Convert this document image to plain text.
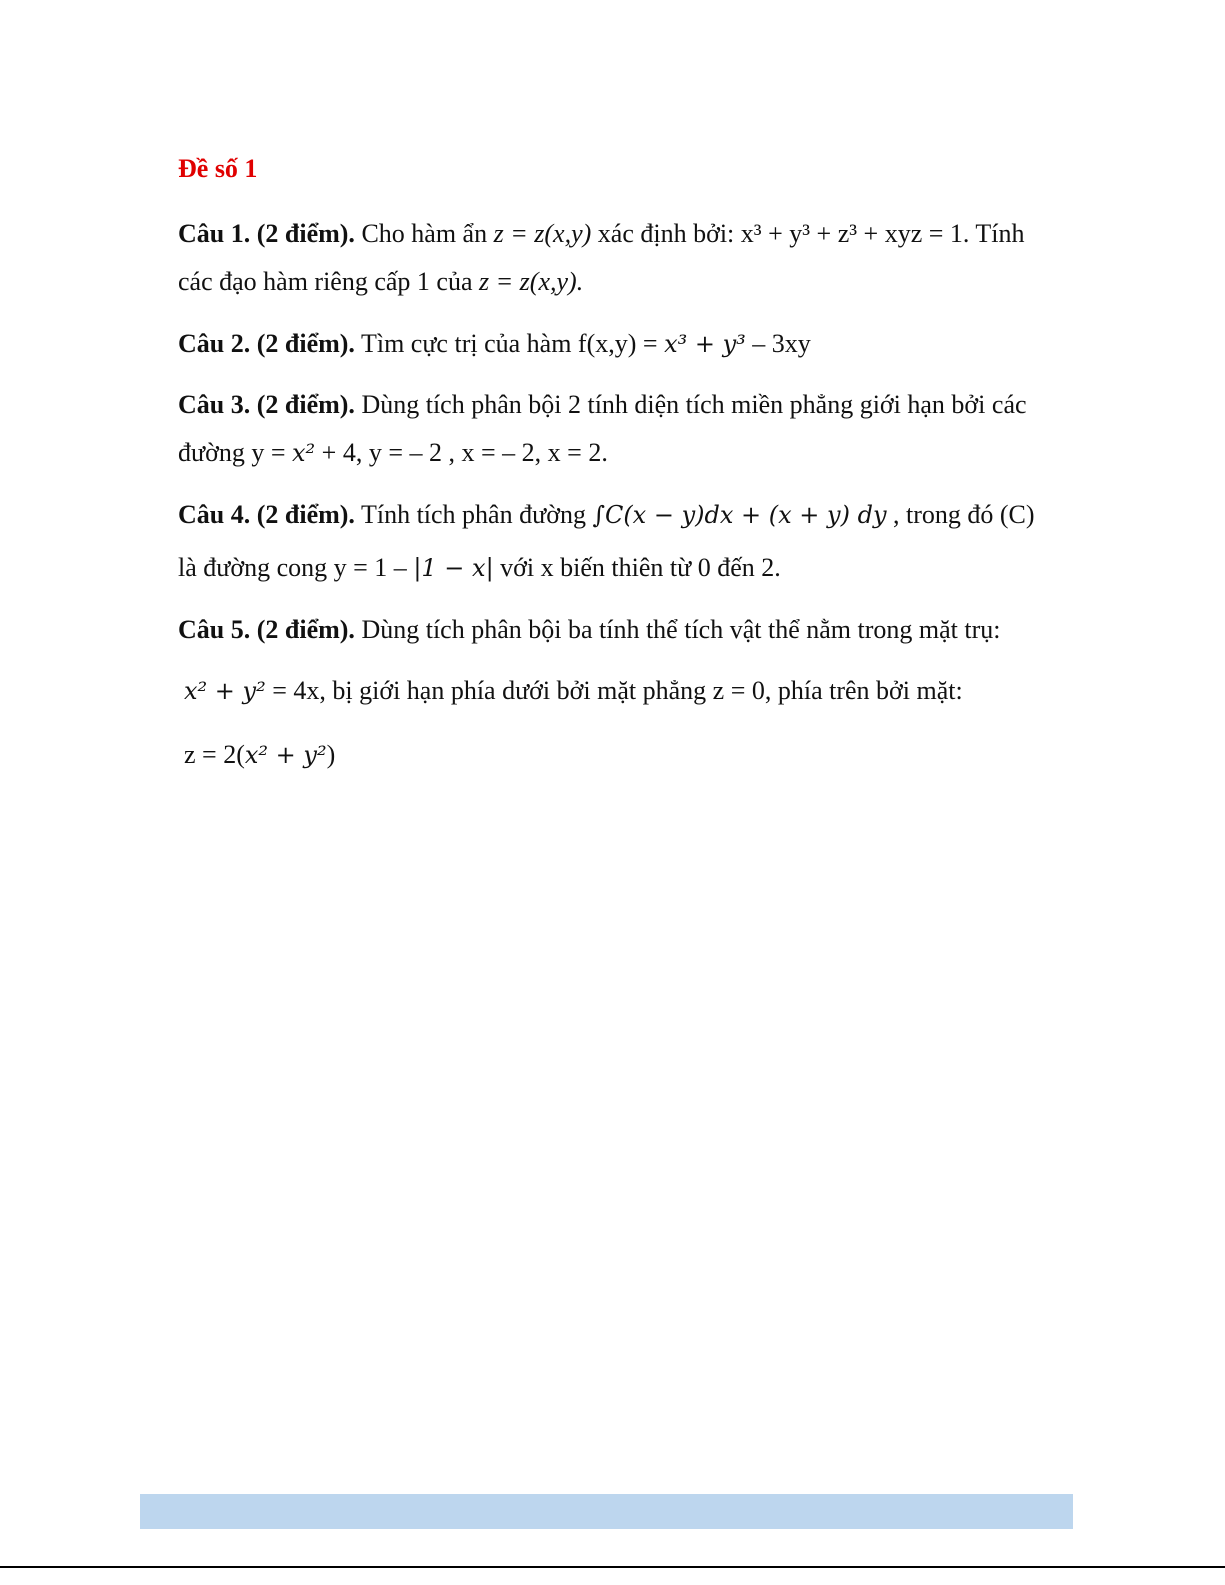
Đề số 1
Câu 1. (2 điểm). Cho hàm ẩn z = z(x,y) xác định bởi: x³ + y³ + z³ + xyz = 1. Tính
các đạo hàm riêng cấp 1 của z = z(x,y).
Câu 2. (2 điểm). Tìm cực trị của hàm f(x,y) = x³ + y³ – 3xy
Câu 3. (2 điểm). Dùng tích phân bội 2 tính diện tích miền phẳng giới hạn bởi các
đường y = x² + 4, y = – 2 , x = – 2, x = 2.
Câu 4. (2 điểm). Tính tích phân đường ∫C(x − y)dx + (x + y) dy , trong đó (C)
là đường cong y = 1 – |1 − x| với x biến thiên từ 0 đến 2.
Câu 5. (2 điểm). Dùng tích phân bội ba tính thể tích vật thể nằm trong mặt trụ:
x² + y² = 4x, bị giới hạn phía dưới bởi mặt phẳng z = 0, phía trên bởi mặt:
z = 2(x² + y²)
